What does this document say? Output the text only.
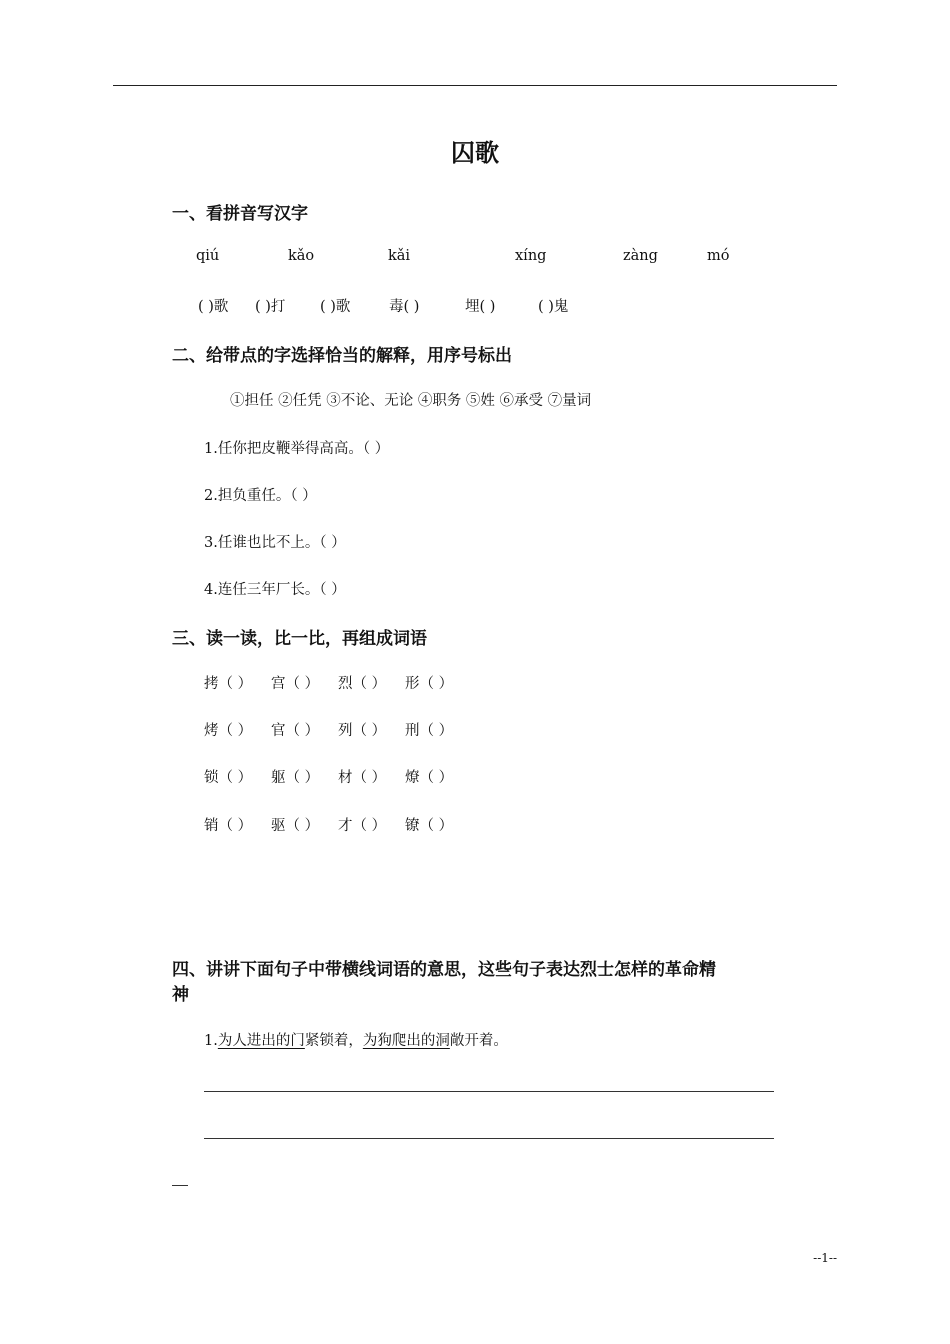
囚歌
一、看拼音写汉字
qiú	kǎo	kǎi	xíng	zàng	mó
( )歌 ( )打 ( )歌	毒( )	埋( )	( )鬼
二、给带点的字选择恰当的解释，用序号标出
①担任 ②任凭 ③不论、无论 ④职务 ⑤姓 ⑥承受 ⑦量词
1.任你把皮鞭举得高高。（ ）
2.担负重任。（ ）
3.任谁也比不上。（ ）
4.连任三年厂长。（ ）
三、读一读，比一比，再组成词语
拷（ ） 宫（ ） 烈（ ） 形（ ）
烤（ ） 官（ ） 列（ ） 刑（ ）
锁（ ） 躯（ ） 材（ ） 燎（ ）
销（ ） 驱（ ） 才（ ） 镣（ ）
四、讲讲下面句子中带横线词语的意思，这些句子表达烈士怎样的革命精
神
1.为人进出的门紧锁着，为狗爬出的洞敞开着。
--1--
